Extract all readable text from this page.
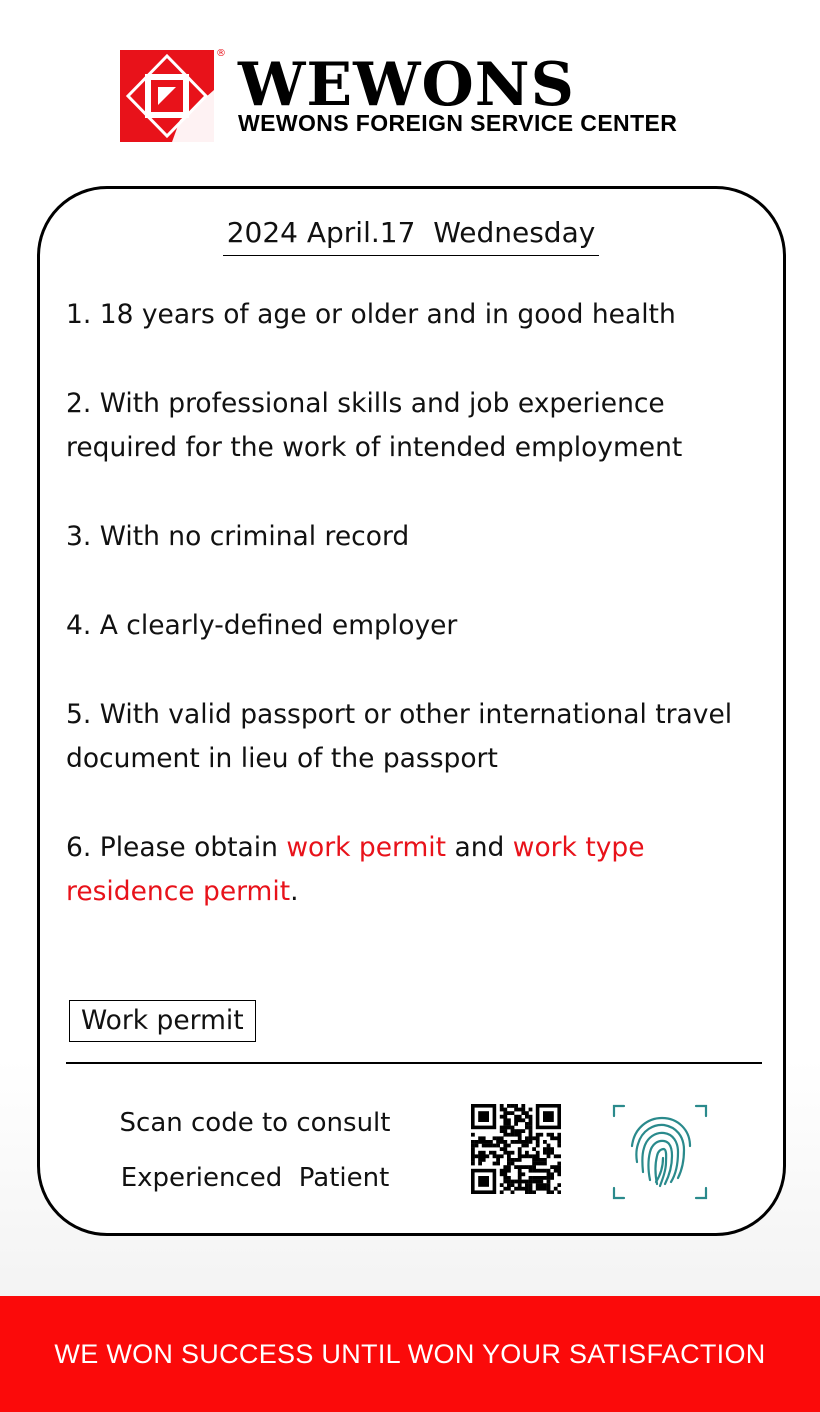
® WEWONS
WEWONS FOREIGN SERVICE CENTER
2024 April.17  Wednesday

1. 18 years of age or older and in good health

2. With professional skills and job experience required for the work of intended employment

3. With no criminal record

4. A clearly-defined employer

5. With valid passport or other international travel document in lieu of the passport

6. Please obtain work permit and work type residence permit.

Work permit
Scan code to consult
Experienced  Patient
WE WON SUCCESS UNTIL WON YOUR SATISFACTION
